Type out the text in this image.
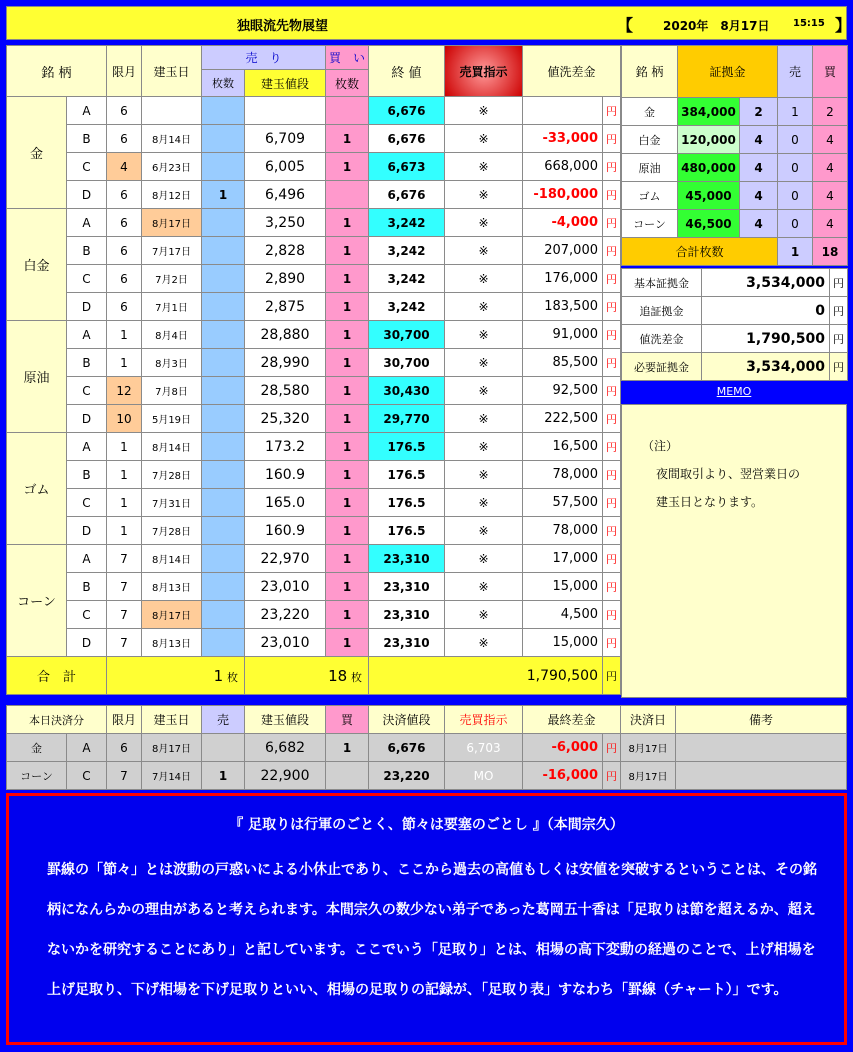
独眼流先物展望	【 2020年　8月17日 15:15 】
銘 柄		限月	建玉日	売　り		買　い	終 値	売買指示	値洗差金	
				枚数	建玉値段	枚数				
金	A	6					6,676	※		円
	B	6	8月14日		6,709	1	6,676	※	-33,000	円
	C	4	6月23日		6,005	1	6,673	※	668,000	円
	D	6	8月12日	1	6,496		6,676	※	-180,000	円
白金	A	6	8月17日		3,250	1	3,242	※	-4,000	円
	B	6	7月17日		2,828	1	3,242	※	207,000	円
	C	6	7月2日		2,890	1	3,242	※	176,000	円
	D	6	7月1日		2,875	1	3,242	※	183,500	円
原油	A	1	8月4日		28,880	1	30,700	※	91,000	円
	B	1	8月3日		28,990	1	30,700	※	85,500	円
	C	12	7月8日		28,580	1	30,430	※	92,500	円
	D	10	5月19日		25,320	1	29,770	※	222,500	円
ゴム	A	1	8月14日		173.2	1	176.5	※	16,500	円
	B	1	7月28日		160.9	1	176.5	※	78,000	円
	C	1	7月31日		165.0	1	176.5	※	57,500	円
	D	1	7月28日		160.9	1	176.5	※	78,000	円
コーン	A	7	8月14日		22,970	1	23,310	※	17,000	円
	B	7	8月13日		23,010	1	23,310	※	15,000	円
	C	7	8月17日		23,220	1	23,310	※	4,500	円
	D	7	8月13日		23,010	1	23,310	※	15,000	円
合　計		1 枚			18 枚		1,790,500			円
銘 柄	証拠金		売	買
金	384,000	2	1	2
白金	120,000	4	0	4
原油	480,000	4	0	4
ゴム	45,000	4	0	4
コーン	46,500	4	0	4
合計枚数			1	18
基本証拠金	3,534,000	円
追証拠金	0	円
値洗差金	1,790,500	円
必要証拠金	3,534,000	円
MEMO

（注）

夜間取引より、翌営業日の

建玉日となります。

本日決済分		限月	建玉日	売	建玉値段	買	決済値段	売買指示	最終差金		決済日	備考
金	A	6	8月17日		6,682	1	6,676	6,703	-6,000	円	8月17日	
コーン	C	7	7月14日	1	22,900		23,220	MO	-16,000	円	8月17日	
『 足取りは行軍のごとく、節々は要塞のごとし 』（本間宗久）
罫線の「節々」とは波動の戸惑いによる小休止であり、ここから過去の高値もしくは安値を突破するということは、その銘柄になんらかの理由があると考えられます。本間宗久の数少ない弟子であった葛岡五十香は「足取りは節を超えるか、超えないかを研究することにあり」と記しています。ここでいう「足取り」とは、相場の高下変動の経過のことで、上げ相場を上げ足取り、下げ相場を下げ足取りといい、相場の足取りの記録が、「足取り表」すなわち「罫線（チャート）」です。
